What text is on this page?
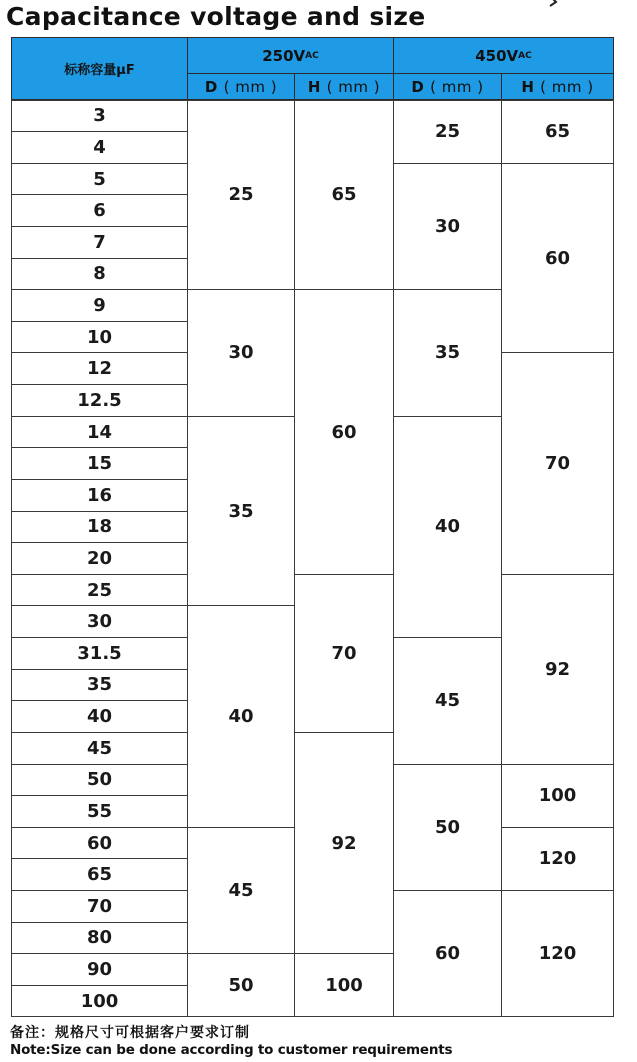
Capacitance voltage and size
标称容量μF
250V AC	450V AC
D
( mm ) H
( mm ) D
( mm )	H
( mm )
3
4
5
6
7
8
9
10
12
12.5
14
15
16
18
20
25
30
31.5
35
40
45
50
55
60
65
70
80
90
100
25
30
35
40
45
50
65
60
70
92
100
25
30
35
40
45
50
60
65
60
70
92
100
120
120
备注：规格尺寸可根据客户要求订制
Note:Size can be done according to customer requirements
